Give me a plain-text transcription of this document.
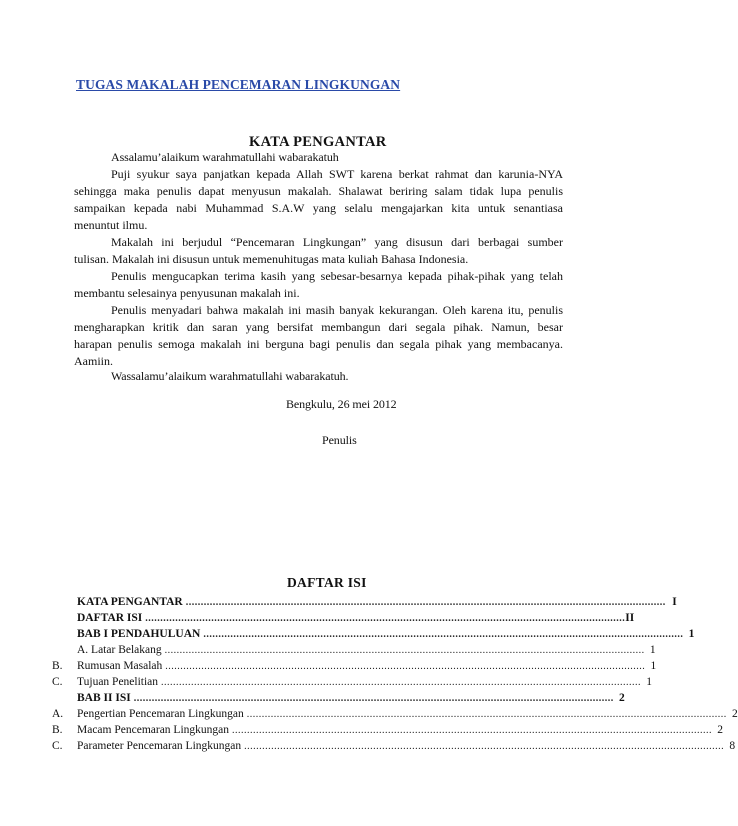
TUGAS MAKALAH PENCEMARAN LINGKUNGAN
KATA PENGANTAR
Assalamu’alaikum warahmatullahi wabarakatuh
Puji syukur saya panjatkan kepada Allah SWT karena berkat rahmat dan karunia-NYA
sehingga maka penulis dapat menyusun makalah. Shalawat beriring salam tidak lupa penulis
sampaikan kepada nabi Muhammad S.A.W yang selalu mengajarkan kita untuk senantiasa
menuntut ilmu.
Makalah ini berjudul “Pencemaran Lingkungan” yang disusun dari berbagai sumber
tulisan. Makalah ini disusun untuk memenuhitugas mata kuliah Bahasa Indonesia.
Penulis mengucapkan terima kasih yang sebesar-besarnya kepada pihak-pihak yang telah
membantu selesainya penyusunan makalah ini.
Penulis menyadari bahwa makalah ini masih banyak kekurangan. Oleh karena itu, penulis
mengharapkan kritik dan saran yang bersifat membangun dari segala pihak. Namun, besar
harapan penulis semoga makalah ini berguna bagi penulis dan segala pihak yang membacanya.
Aamiin.
Wassalamu’alaikum warahmatullahi wabarakatuh.
Bengkulu, 26 mei 2012
Penulis
DAFTAR ISI
KATA PENGANTAR ................................................................................................................................................................ I
DAFTAR ISI ................................................................................................................................................................ II
BAB I PENDAHULUAN ................................................................................................................................................................ 1
A. Latar Belakang ................................................................................................................................................................ 1
B. Rumusan Masalah ................................................................................................................................................................ 1
C. Tujuan Penelitian ................................................................................................................................................................ 1
BAB II ISI ................................................................................................................................................................ 2
A. Pengertian Pencemaran Lingkungan ................................................................................................................................................................ 2
B. Macam Pencemaran Lingkungan ................................................................................................................................................................ 2
C. Parameter Pencemaran Lingkungan ................................................................................................................................................................ 8
